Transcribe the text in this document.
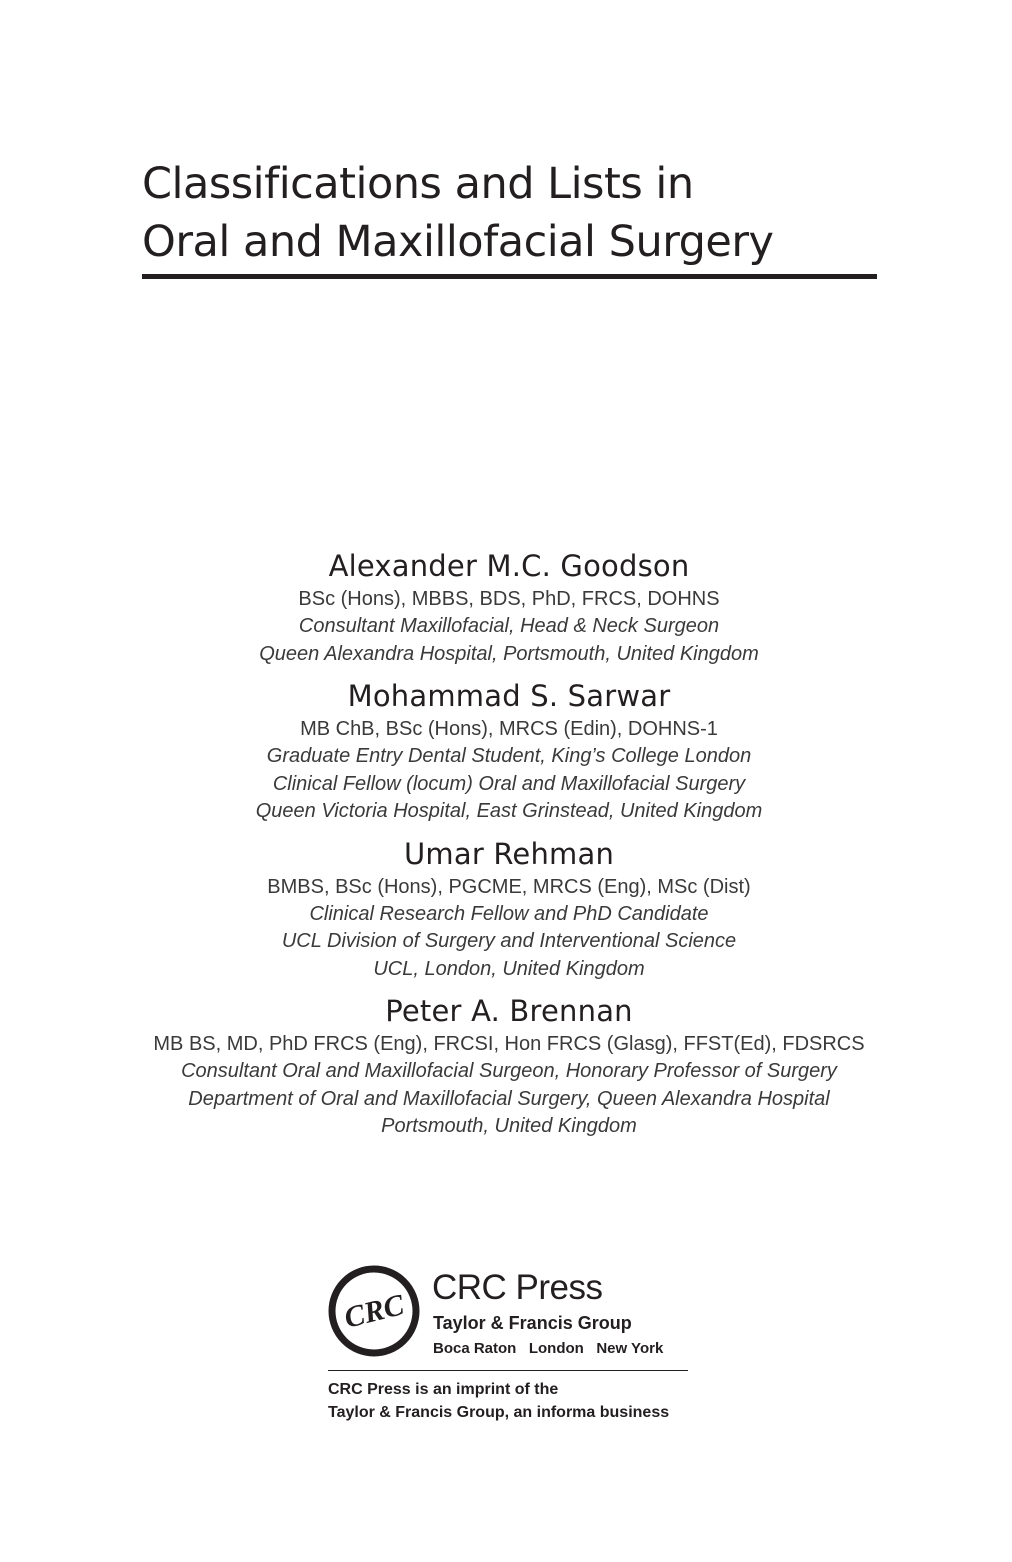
Classifications and Lists in
Oral and Maxillofacial Surgery
Alexander M.C. Goodson
BSc (Hons), MBBS, BDS, PhD, FRCS, DOHNS
Consultant Maxillofacial, Head & Neck Surgeon
Queen Alexandra Hospital, Portsmouth, United Kingdom
Mohammad S. Sarwar
MB ChB, BSc (Hons), MRCS (Edin), DOHNS-1
Graduate Entry Dental Student, King’s College London
Clinical Fellow (locum) Oral and Maxillofacial Surgery
Queen Victoria Hospital, East Grinstead, United Kingdom
Umar Rehman
BMBS, BSc (Hons), PGCME, MRCS (Eng), MSc (Dist)
Clinical Research Fellow and PhD Candidate
UCL Division of Surgery and Interventional Science
UCL, London, United Kingdom
Peter A. Brennan
MB BS, MD, PhD FRCS (Eng), FRCSI, Hon FRCS (Glasg), FFST(Ed), FDSRCS
Consultant Oral and Maxillofacial Surgeon, Honorary Professor of Surgery
Department of Oral and Maxillofacial Surgery, Queen Alexandra Hospital
Portsmouth, United Kingdom
CRC
CRC Press
Taylor & Francis Group
Boca Raton   London   New York
CRC Press is an imprint of the
Taylor & Francis Group, an informa business
